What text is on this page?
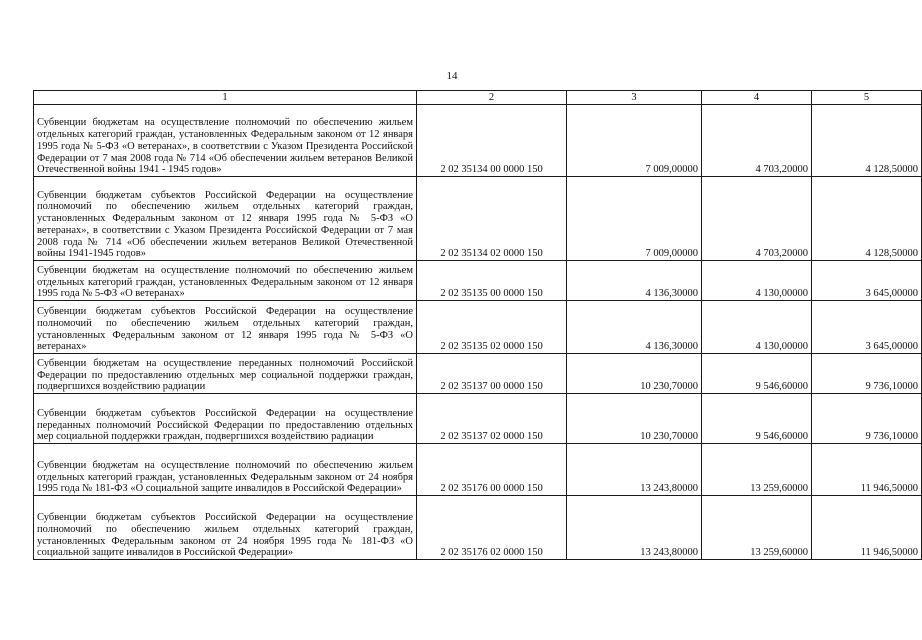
14
1	2	3	4	5
Субвенции бюджетам на осуществление полномочий по обеспечению жильем отдельных категорий граждан, установленных Федеральным законом от 12 января 1995 года № 5-ФЗ «О ветеранах», в соответствии с Указом Президента Российской Федерации от 7 мая 2008 года № 714 «Об обеспечении жильем ветеранов Великой Отечественной войны 1941 - 1945 годов»	2 02 35134 00 0000 150	7 009,00000	4 703,20000	4 128,50000
Субвенции бюджетам субъектов Российской Федерации на осуществление полномочий по обеспечению жильем отдельных категорий граждан, установленных Федеральным законом от 12 января 1995 года № 5-ФЗ «О ветеранах», в соответствии с Указом Президента Российской Федерации от 7 мая 2008 года № 714 «Об обеспечении жильем ветеранов Великой Отечественной войны 1941-1945 годов»	2 02 35134 02 0000 150	7 009,00000	4 703,20000	4 128,50000
Субвенции бюджетам на осуществление полномочий по обеспечению жильем отдельных категорий граждан, установленных Федеральным законом от 12 января 1995 года № 5-ФЗ «О ветеранах»	2 02 35135 00 0000 150	4 136,30000	4 130,00000	3 645,00000
Субвенции бюджетам субъектов Российской Федерации на осуществление полномочий по обеспечению жильем отдельных категорий граждан, установленных Федеральным законом от 12 января 1995 года № 5-ФЗ «О ветеранах»	2 02 35135 02 0000 150	4 136,30000	4 130,00000	3 645,00000
Субвенции бюджетам на осуществление переданных полномочий Российской Федерации по предоставлению отдельных мер социальной поддержки граждан, подвергшихся воздействию радиации	2 02 35137 00 0000 150	10 230,70000	9 546,60000	9 736,10000
Субвенции бюджетам субъектов Российской Федерации на осуществление переданных полномочий Российской Федерации по предоставлению отдельных мер социальной поддержки граждан, подвергшихся воздействию радиации	2 02 35137 02 0000 150	10 230,70000	9 546,60000	9 736,10000
Субвенции бюджетам на осуществление полномочий по обеспечению жильем отдельных категорий граждан, установленных Федеральным законом от 24 ноября 1995 года № 181-ФЗ «О социальной защите инвалидов в Российской Федерации»	2 02 35176 00 0000 150	13 243,80000	13 259,60000	11 946,50000
Субвенции бюджетам субъектов Российской Федерации на осуществление полномочий по обеспечению жильем отдельных категорий граждан, установленных Федеральным законом от 24 ноября 1995 года № 181-ФЗ «О социальной защите инвалидов в Российской Федерации»	2 02 35176 02 0000 150	13 243,80000	13 259,60000	11 946,50000
